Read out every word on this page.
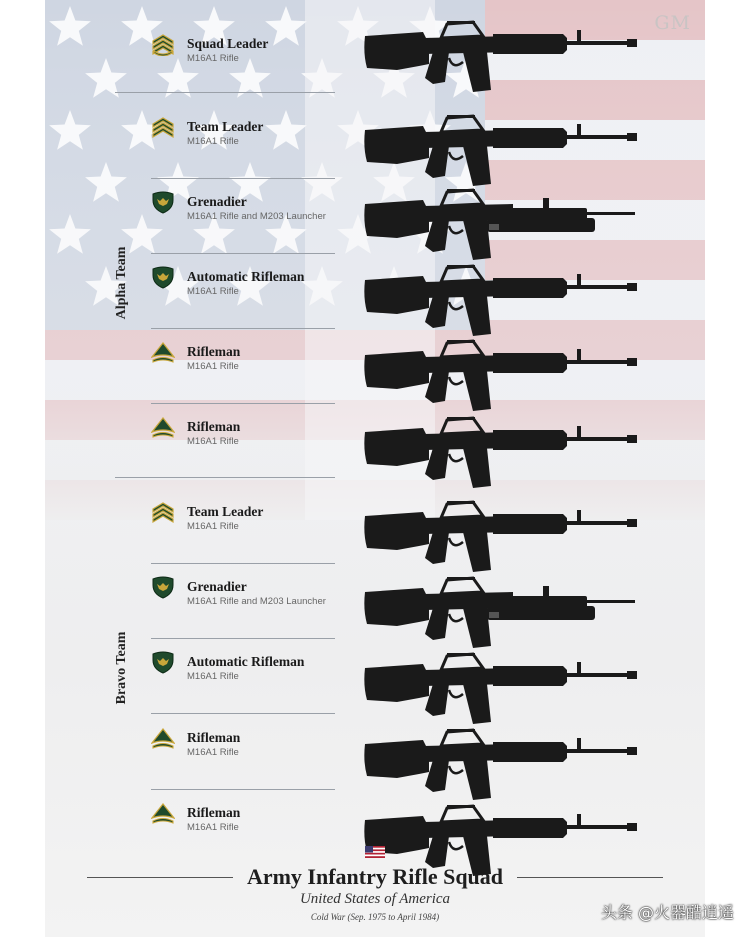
GM
Alpha Team
Bravo Team
Squad Leader
M16A1 Rifle
Team Leader
M16A1 Rifle
Grenadier
M16A1 Rifle and M203 Launcher
Automatic Rifleman
M16A1 Rifle
Rifleman
M16A1 Rifle
Rifleman
M16A1 Rifle
Team Leader
M16A1 Rifle
Grenadier
M16A1 Rifle and M203 Launcher
Automatic Rifleman
M16A1 Rifle
Rifleman
M16A1 Rifle
Rifleman
M16A1 Rifle
Army Infantry Rifle Squad
United States of America
Cold War (Sep. 1975 to April 1984)	头条 @火器酷逍遥
